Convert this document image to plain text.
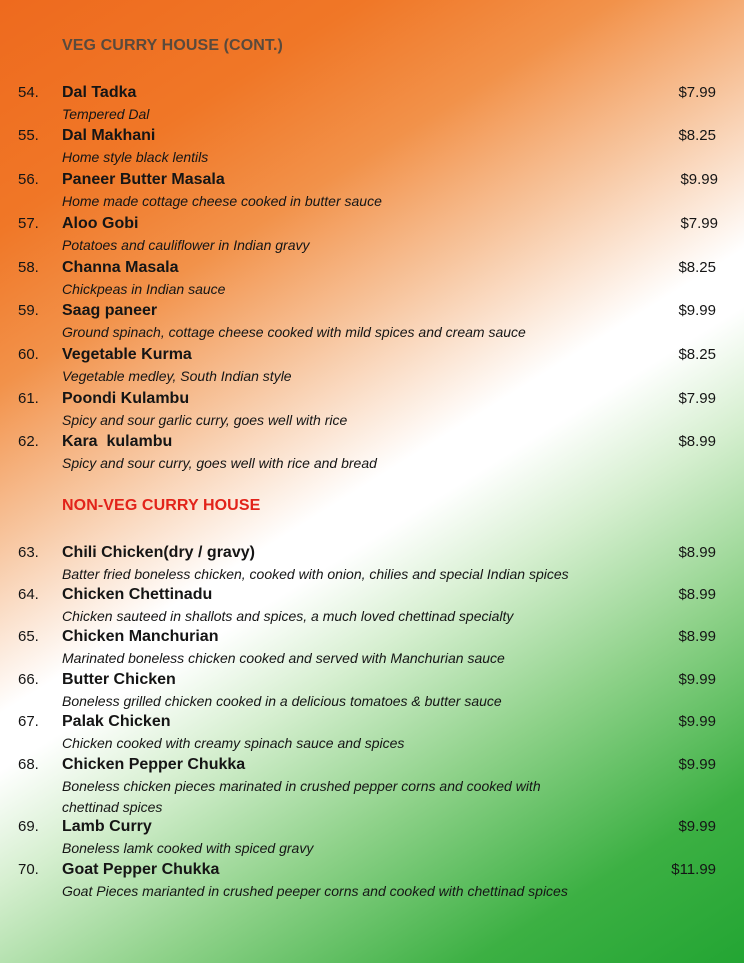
VEG CURRY HOUSE (CONT.)
54. Dal Tadka	$7.99
Tempered Dal
55. Dal Makhani	$8.25
Home style black lentils
56. Paneer Butter Masala	$9.99
Home made cottage cheese cooked in butter sauce
57. Aloo Gobi	$7.99
Potatoes and cauliflower in Indian gravy
58. Channa Masala	$8.25
Chickpeas in Indian sauce
59. Saag paneer	$9.99
Ground spinach, cottage cheese cooked with mild spices and cream sauce
60. Vegetable Kurma	$8.25
Vegetable medley, South Indian style
61. Poondi Kulambu	$7.99
Spicy and sour garlic curry, goes well with rice
62. Kara  kulambu	$8.99
Spicy and sour curry, goes well with rice and bread
NON-VEG CURRY HOUSE
63. Chili Chicken(dry / gravy)	$8.99
Batter fried boneless chicken, cooked with onion, chilies and special Indian spices
64. Chicken Chettinadu	$8.99
Chicken sauteed in shallots and spices, a much loved chettinad specialty
65. Chicken Manchurian	$8.99
Marinated boneless chicken cooked and served with Manchurian sauce
66. Butter Chicken	$9.99
Boneless grilled chicken cooked in a delicious tomatoes & butter sauce
67. Palak Chicken	$9.99
Chicken cooked with creamy spinach sauce and spices
68. Chicken Pepper Chukka	$9.99
Boneless chicken pieces marinated in crushed pepper corns and cooked with chettinad spices
69. Lamb Curry	$9.99
Boneless lamk cooked with spiced gravy
70. Goat Pepper Chukka	$11.99
Goat Pieces marianted in crushed peeper corns and cooked with chettinad spices
